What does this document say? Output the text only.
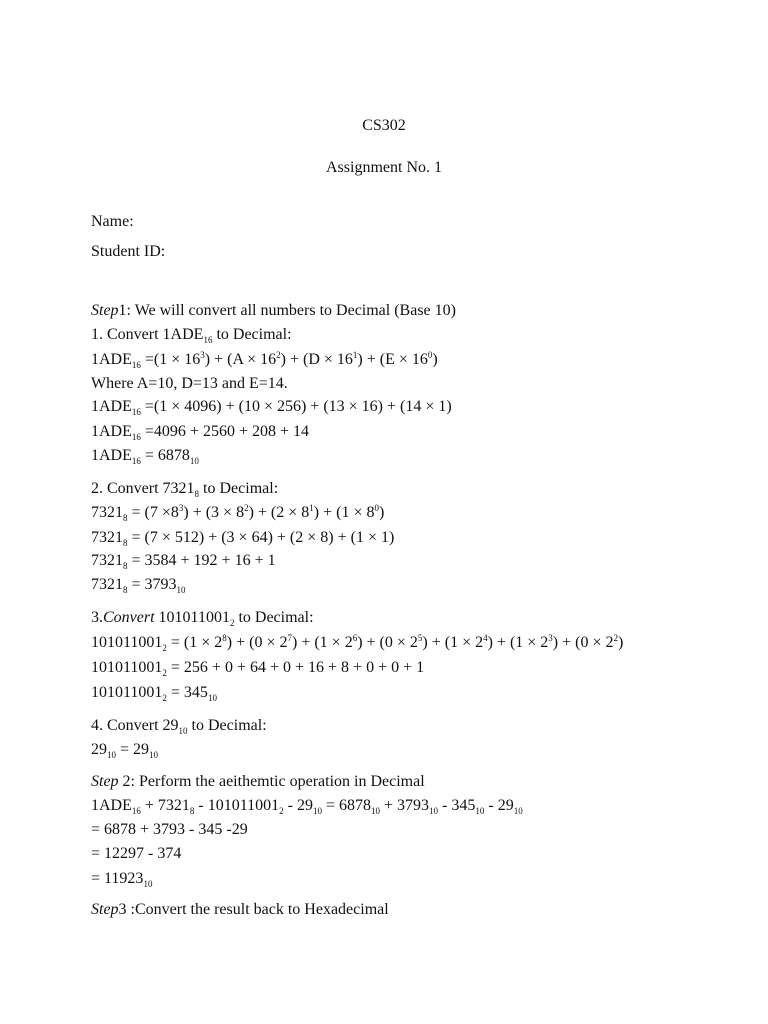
CS302
Assignment No. 1
Name:
Student ID:
Step1: We will convert all numbers to Decimal (Base 10)
1. Convert $1ADE_{16}$ to Decimal:
$1ADE_{16} =(1 \times 16^3) + (A \times 16^2) + (D \times 16^1) + (E \times 16^0)$
Where A=10, D=13 and E=14.
$1ADE_{16} =(1 \times 4096) + (10 \times 256) + (13 \times 16) + (14 \times 1)$
$1ADE_{16} =4096 + 2560 + 208 + 14$
$1ADE_{16} = 6878_{10}$
2. Convert $7321_8$ to Decimal:
$7321_8 = (7 \times 8^3) + (3 \times 8^2) + (2 \times 8^1) + (1 \times 8^0)$
$7321_8 = (7 \times 512) + (3 \times 64) + (2 \times 8) + (1 \times 1)$
$7321_8 = 3584 + 192 + 16 + 1$
$7321_8 = 3793_{10}$
3.Convert $101011001_2$ to Decimal:
$101011001_2 = (1 \times 2^8) + (0 \times 2^7) + (1 \times 2^6) + (0 \times 2^5) + (1 \times 2^4) + (1 \times 2^3) + (0 \times 2^2)$
$101011001_2 = 256 + 0 + 64 + 0 + 16 + 8 + 0 + 0 + 1$
$101011001_2 = 345_{10}$
4. Convert $29_{10}$ to Decimal:
$29_{10} = 29_{10}$
Step 2: Perform the aeithemtic operation in Decimal
$1ADE_{16} + 7321_8 - 101011001_2 - 29_{10} = 6878_{10} + 3793_{10} - 345_{10} - 29_{10}$
= 6878 + 3793 - 345 -29
= 12297 - 374
= $11923_{10}$
Step3 :Convert the result back to Hexadecimal
